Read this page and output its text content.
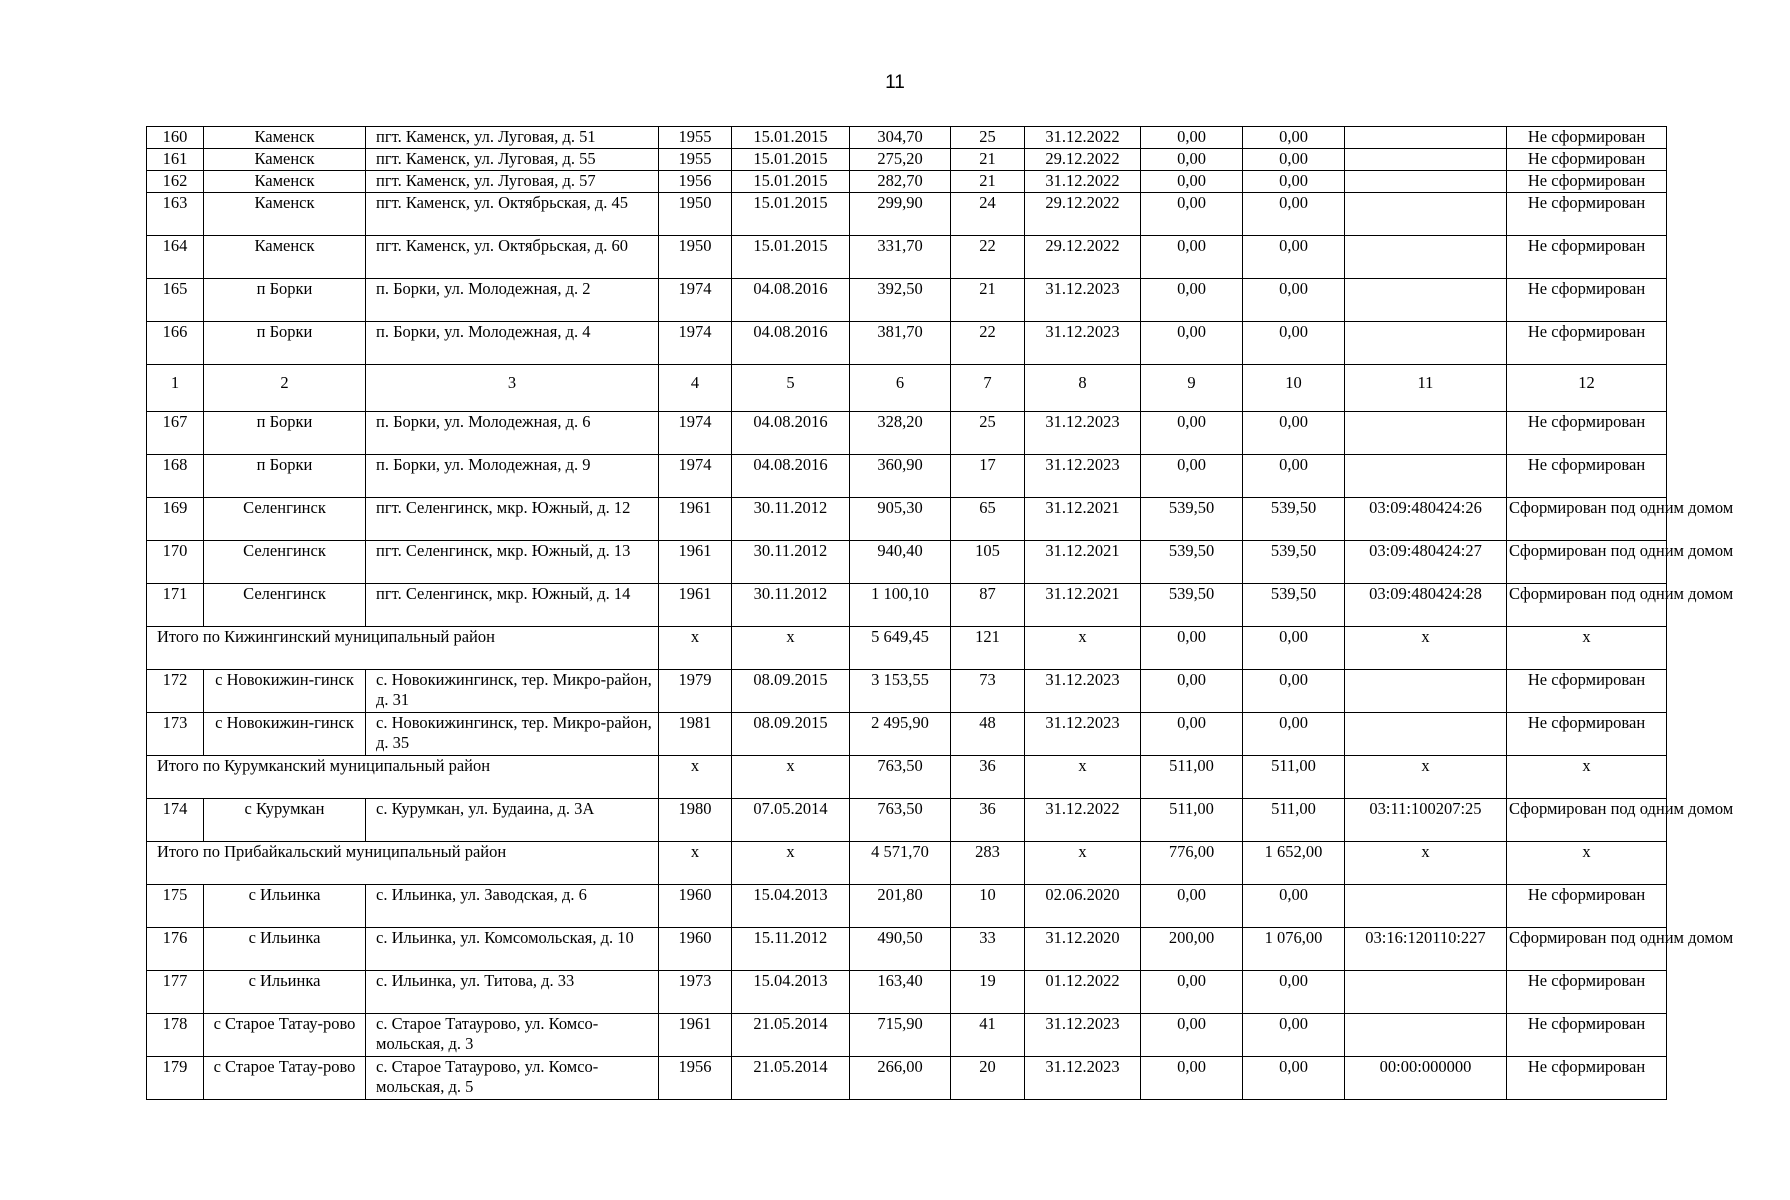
11
160	Каменск	пгт. Каменск, ул. Луговая, д. 51	1955	15.01.2015	304,70	25	31.12.2022	0,00	0,00		Не сформирован
161	Каменск	пгт. Каменск, ул. Луговая, д. 55	1955	15.01.2015	275,20	21	29.12.2022	0,00	0,00		Не сформирован
162	Каменск	пгт. Каменск, ул. Луговая, д. 57	1956	15.01.2015	282,70	21	31.12.2022	0,00	0,00		Не сформирован
163	Каменск	пгт. Каменск, ул. Октябрьская, д. 45	1950	15.01.2015	299,90	24	29.12.2022	0,00	0,00		Не сформирован
164	Каменск	пгт. Каменск, ул. Октябрьская, д. 60	1950	15.01.2015	331,70	22	29.12.2022	0,00	0,00		Не сформирован
165	п Борки	п. Борки, ул. Молодежная, д. 2	1974	04.08.2016	392,50	21	31.12.2023	0,00	0,00		Не сформирован
166	п Борки	п. Борки, ул. Молодежная, д. 4	1974	04.08.2016	381,70	22	31.12.2023	0,00	0,00		Не сформирован
1	2	3	4	5	6	7	8	9	10	11	12
167	п Борки	п. Борки, ул. Молодежная, д. 6	1974	04.08.2016	328,20	25	31.12.2023	0,00	0,00		Не сформирован
168	п Борки	п. Борки, ул. Молодежная, д. 9	1974	04.08.2016	360,90	17	31.12.2023	0,00	0,00		Не сформирован
169	Селенгинск	пгт. Селенгинск, мкр. Южный, д. 12	1961	30.11.2012	905,30	65	31.12.2021	539,50	539,50	03:09:480424:26	Сформирован под одним домом
170	Селенгинск	пгт. Селенгинск, мкр. Южный, д. 13	1961	30.11.2012	940,40	105	31.12.2021	539,50	539,50	03:09:480424:27	Сформирован под одним домом
171	Селенгинск	пгт. Селенгинск, мкр. Южный, д. 14	1961	30.11.2012	1 100,10	87	31.12.2021	539,50	539,50	03:09:480424:28	Сформирован под одним домом
Итого по Кижингинский муниципальный район			х	х	5 649,45	121	х	0,00	0,00	х	х
172	с Новокижин-гинск	с. Новокижингинск, тер. Микро-район, д. 31	1979	08.09.2015	3 153,55	73	31.12.2023	0,00	0,00		Не сформирован
173	с Новокижин-гинск	с. Новокижингинск, тер. Микро-район, д. 35	1981	08.09.2015	2 495,90	48	31.12.2023	0,00	0,00		Не сформирован
Итого по Курумканский муниципальный район			х	х	763,50	36	х	511,00	511,00	х	х
174	с Курумкан	с. Курумкан, ул. Будаина, д. 3А	1980	07.05.2014	763,50	36	31.12.2022	511,00	511,00	03:11:100207:25	Сформирован под одним домом
Итого по Прибайкальский муниципальный район			х	х	4 571,70	283	х	776,00	1 652,00	х	х
175	с Ильинка	с. Ильинка, ул. Заводская, д. 6	1960	15.04.2013	201,80	10	02.06.2020	0,00	0,00		Не сформирован
176	с Ильинка	с. Ильинка, ул. Комсомольская, д. 10	1960	15.11.2012	490,50	33	31.12.2020	200,00	1 076,00	03:16:120110:227	Сформирован под одним домом
177	с Ильинка	с. Ильинка, ул. Титова, д. 33	1973	15.04.2013	163,40	19	01.12.2022	0,00	0,00		Не сформирован
178	с Старое Татау-рово	с. Старое Татаурово, ул. Комсо-мольская, д. 3	1961	21.05.2014	715,90	41	31.12.2023	0,00	0,00		Не сформирован
179	с Старое Татау-рово	с. Старое Татаурово, ул. Комсо-мольская, д. 5	1956	21.05.2014	266,00	20	31.12.2023	0,00	0,00	00:00:000000	Не сформирован
